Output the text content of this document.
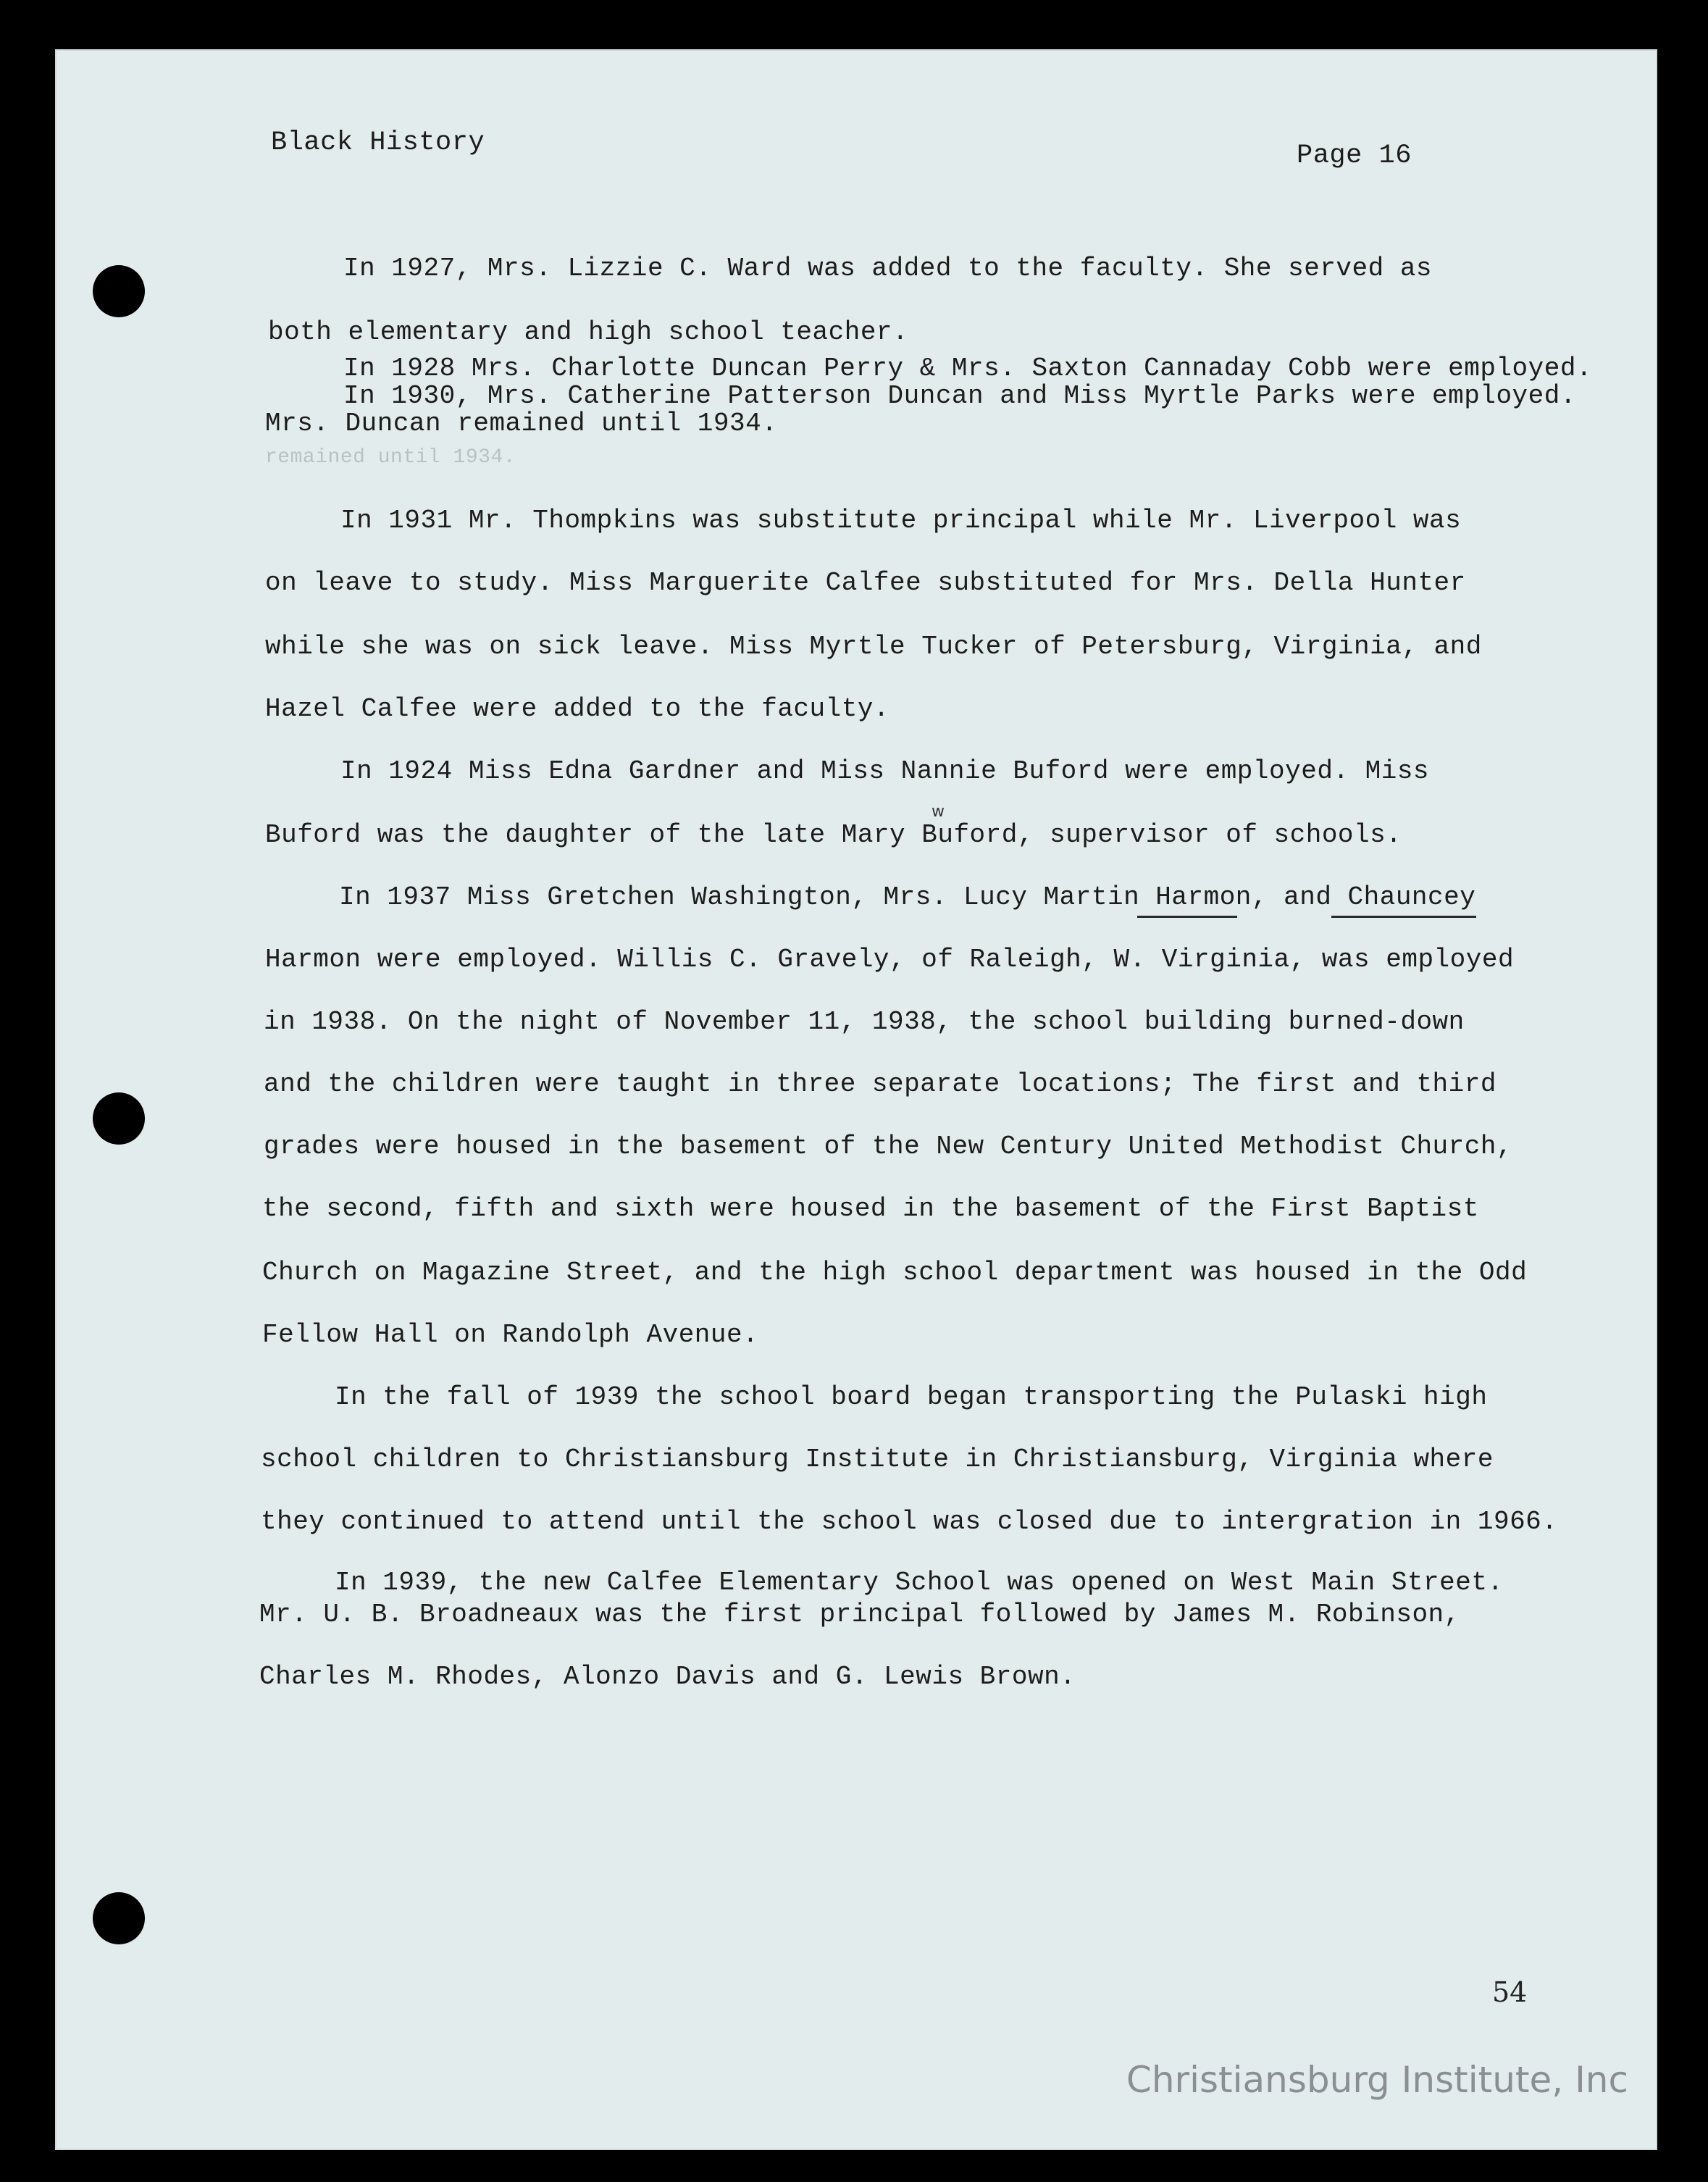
Black History	Page 16
In 1927, Mrs. Lizzie C. Ward was added to the faculty. She served as
both elementary and high school teacher.
In 1928 Mrs. Charlotte Duncan Perry & Mrs. Saxton Cannaday Cobb were employed.
In 1930, Mrs. Catherine Patterson Duncan and Miss Myrtle Parks were employed.
Mrs. Duncan remained until 1934.
remained until 1934.
In 1931 Mr. Thompkins was substitute principal while Mr. Liverpool was
on leave to study. Miss Marguerite Calfee substituted for Mrs. Della Hunter
while she was on sick leave. Miss Myrtle Tucker of Petersburg, Virginia, and
Hazel Calfee were added to the faculty.
In 1924 Miss Edna Gardner and Miss Nannie Buford were employed. Miss
Buford was the daughter of the late Mary Buford, supervisor of schools.
w
In 1937 Miss Gretchen Washington, Mrs. Lucy Martin Harmon, and Chauncey
Harmon were employed. Willis C. Gravely, of Raleigh, W. Virginia, was employed
in 1938. On the night of November 11, 1938, the school building burned-down
and the children were taught in three separate locations; The first and third
grades were housed in the basement of the New Century United Methodist Church,
the second, fifth and sixth were housed in the basement of the First Baptist
Church on Magazine Street, and the high school department was housed in the Odd
Fellow Hall on Randolph Avenue.
In the fall of 1939 the school board began transporting the Pulaski high
school children to Christiansburg Institute in Christiansburg, Virginia where
they continued to attend until the school was closed due to intergration in 1966.
In 1939, the new Calfee Elementary School was opened on West Main Street.
Mr. U. B. Broadneaux was the first principal followed by James M. Robinson,
Charles M. Rhodes, Alonzo Davis and G. Lewis Brown.
54
Christiansburg Institute, Inc
